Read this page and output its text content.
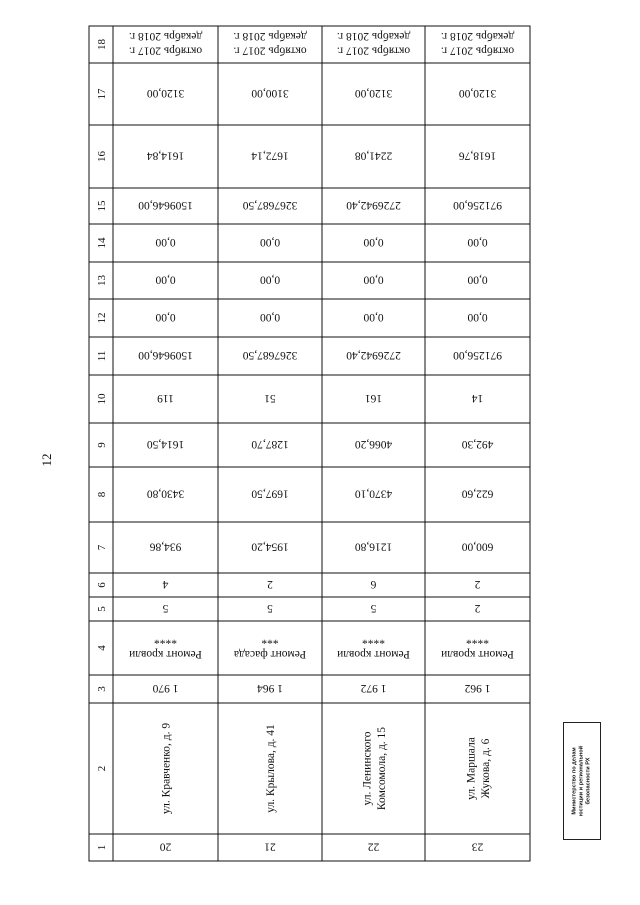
12
1
2
3
4
5
6
7
8
9
10
11
12
13
14
15
16
17
18
20
1 970
Ремонт кровли****
5
4
934,86
3430,80
1614,50
119
1509646,00
0,00
0,00
0,00
1509646,00
1614,84
3120,00
октябрь 2017 г.декабрь 2018 г.
ул. Кравченко, д. 9
21
1 964
Ремонт фасада***
5
2
1954,20
1697,50
1287,70
51
3267687,50
0,00
0,00
0,00
3267687,50
1672,14
3100,00
октябрь 2017 г.декабрь 2018 г.
ул. Крылова, д. 41
22
1 972
Ремонт кровли****
5
6
1216,80
4370,10
4066,20
161
2726942,40
0,00
0,00
0,00
2726942,40
2241,08
3120,00
октябрь 2017 г.декабрь 2018 г.
ул. Ленинского Комсомола, д. 15
23
1 962
Ремонт кровли****
2
2
600,00
622,60
492,30
14
971256,00
0,00
0,00
0,00
971256,00
1618,76
3120,00
октябрь 2017 г.декабрь 2018 г.
ул. Маршала Жукова, д. 6	Министерство по делам юстиции и региональной безопасности РХ
